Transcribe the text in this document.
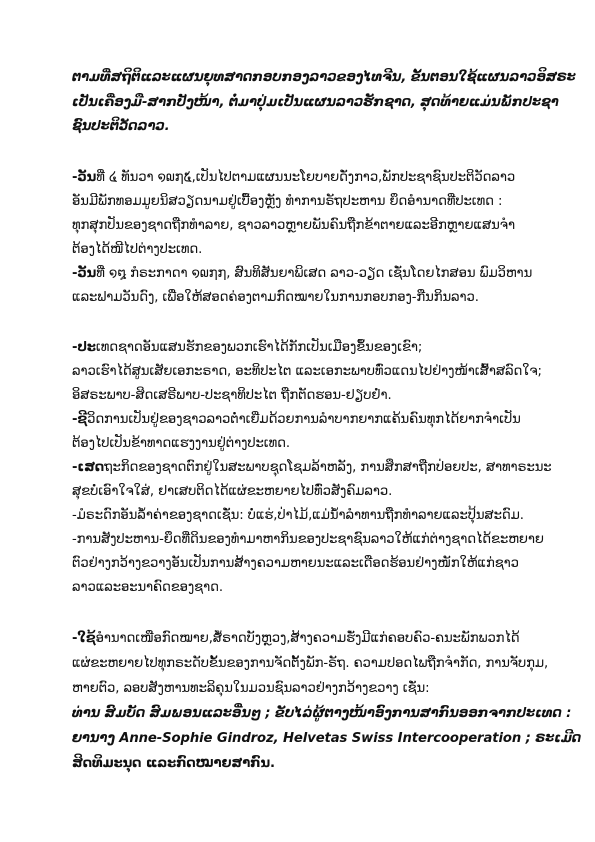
ຕາມທີ່ສຖິຕິແລະແຜນຍຸທສາດກອບກອງລາວຂອງໄທຈີນ, ຂັ້ນຕອນໃຊ້ແຜນລາວອິສຣະ

ເປັນເຄື່ອງມື-ສາກປັງໜ້າ, ຕໍ່ມາປຸ່ມເປັນແຜນລາວຮັກຊາດ, ສຸດທ້າຍແມ່ນພັກປະຊາ

ຊົນປະຕິວັດລາວ.

-ວັນທີ່ ໔ ທັນວາ ໑໙໗໕,ເປັນໄປຕາມແຜນນະໂຍບາຍດັ່ງກາວ,ພັກປະຊາຊົນປະຕິວັດລາວ

ອັນມີພັກທອມມູຍນິສວຽດນາມຢູ່ເບື້ອງຫຼັງ ທຳການຣັຖປະຫານ ຍຶດອຳນາດທີ່ປະເທດ :

ທຸກສຸກປັນຂອງຊາດຖືກທຳລາຍ, ຊາວລາວຫຼາຍພັນຄົນຖືກຂ້າຕາຍແລະອີກຫຼາຍແສນຈຳ

ຕ້ອງໄດ້ໜີໄປຕ່າງປະເທດ.

-ວັນທີ່ ໑໘ ກໍຣະກາດາ ໑໙໗໗, ສົນທິສັນຍາພິເສດ ລາວ-ວຽດ ເຊັ່ນໂດຍໄກສອນ ພົມວິຫານ

ແລະຟາມວັນດົງ, ເພື່ອໃຫ້ສອດຄ່ອງຕາມກົດໝາຍໃນການກອບກອງ-ກືນກິນລາວ.

-ປະເທດຊາດອັນແສນຮັກຂອງພວກເຮົາໄດ້ກັກເປັນເມືອງຂຶ້ນຂອງເຂົາ;

ລາວເຮົາໄດ້ສູນເສັຍເອກະຣາດ, ອະທິປະໄຕ ແລະເອກະພາບທົ່ວແດນໄປຢ່າງໜ້າເສົ້າສລົດໃຈ;

ອິສຣະພາບ-ສິດເສຣີພາບ-ປະຊາທິປະໄຕ ຖືກຕັດຮອນ-ຢຽບຢ່ຳ.

-ຊີວິດການເປັນຢູ່ຂອງຊາວລາວຕໍ່າເຍີ່ມດ້ວຍການລຳບາກຍາກແຄ້ນຄົນທຸກໄດ້ຍາກຈຳເປັນ

ຕ້ອງໄປເປັນຂ້າທາດແຮງງານຢູ່ຕ່າງປະເທດ.

-ເສດຖະກິດຂອງຊາດຕົກຢູ່ໃນສະພາບຊຸດໂຊມລ້າຫລັງ, ການສຶກສາຖືກປ່ອຍປະ, ສາທາຣະນະ

ສຸຂບໍ່ເອົາໃຈໃສ່, ຢາເສບຕິດໄດ້ແຜ່ຂະຫຍາຍໄປທົ່ວສັງຄົມລາວ.

-ມໍຣະດົກອັນລ້ຳຄ່າຂອງຊາດເຊັ່ນ: ບໍ່ແຮ່,ປ່າໄມ້,ແມ່ນໍ້າລຳທານຖືກທຳລາຍແລະປຸ້ນສະດົມ.

-ການສັງປະຫານ-ຍຶດທີ່ດິນຂອງທຳມາຫາກິນຂອງປະຊາຊົນລາວໃຫ້ແກ່ຕ່າງຊາດໄດ້ຂະຫຍາຍ

ຕົວຢ່າງກວ້າງຂວາງອັນເປັນການສ້າງຄວາມຫາຍນະແລະເດືອດຮ້ອນຢ່າງໜັກໃຫ້ແກ່ຊາວ

ລາວແລະອະນາຄົດຂອງຊາດ.

-ໃຊ້ອຳນາດເໜືອກົດໝາຍ,ສໍ້ຣາດບັງຫຼວງ,ສ້າງຄວາມຮັ່ງມີແກ່ຄອບຄົວ-ຄນະພັກພວກໄດ້

ແຜ່ຂະຫຍາຍໄປທຸກຣະດັບຂັ້ນຂອງການຈັດຕັ້ງພັກ-ຣັຖ. ຄວາມປອດໄພຖືກຈຳກັດ, ການຈັບກຸມ,

ຫາຍຕົວ, ລອບສັງຫານທະລິຄຸນໃນມວນຊົນລາວຢ່າງກວ້າງຂວາງ ເຊັ່ນ:

ທ່ານ ສົມບັດ ສົມພອນແລະອື່ນໆ ; ຂັບໄລ່ຜູ້ຕາງໜ້າອົງການສາກົນອອກຈາກປະເທດ :

ຍານາງ Anne-Sophie Gindroz, Helvetas Swiss Intercooperation ; ຣະເມີດ

ສິດທິມະນຸດ ແລະກົດໝາຍສາກົນ.
